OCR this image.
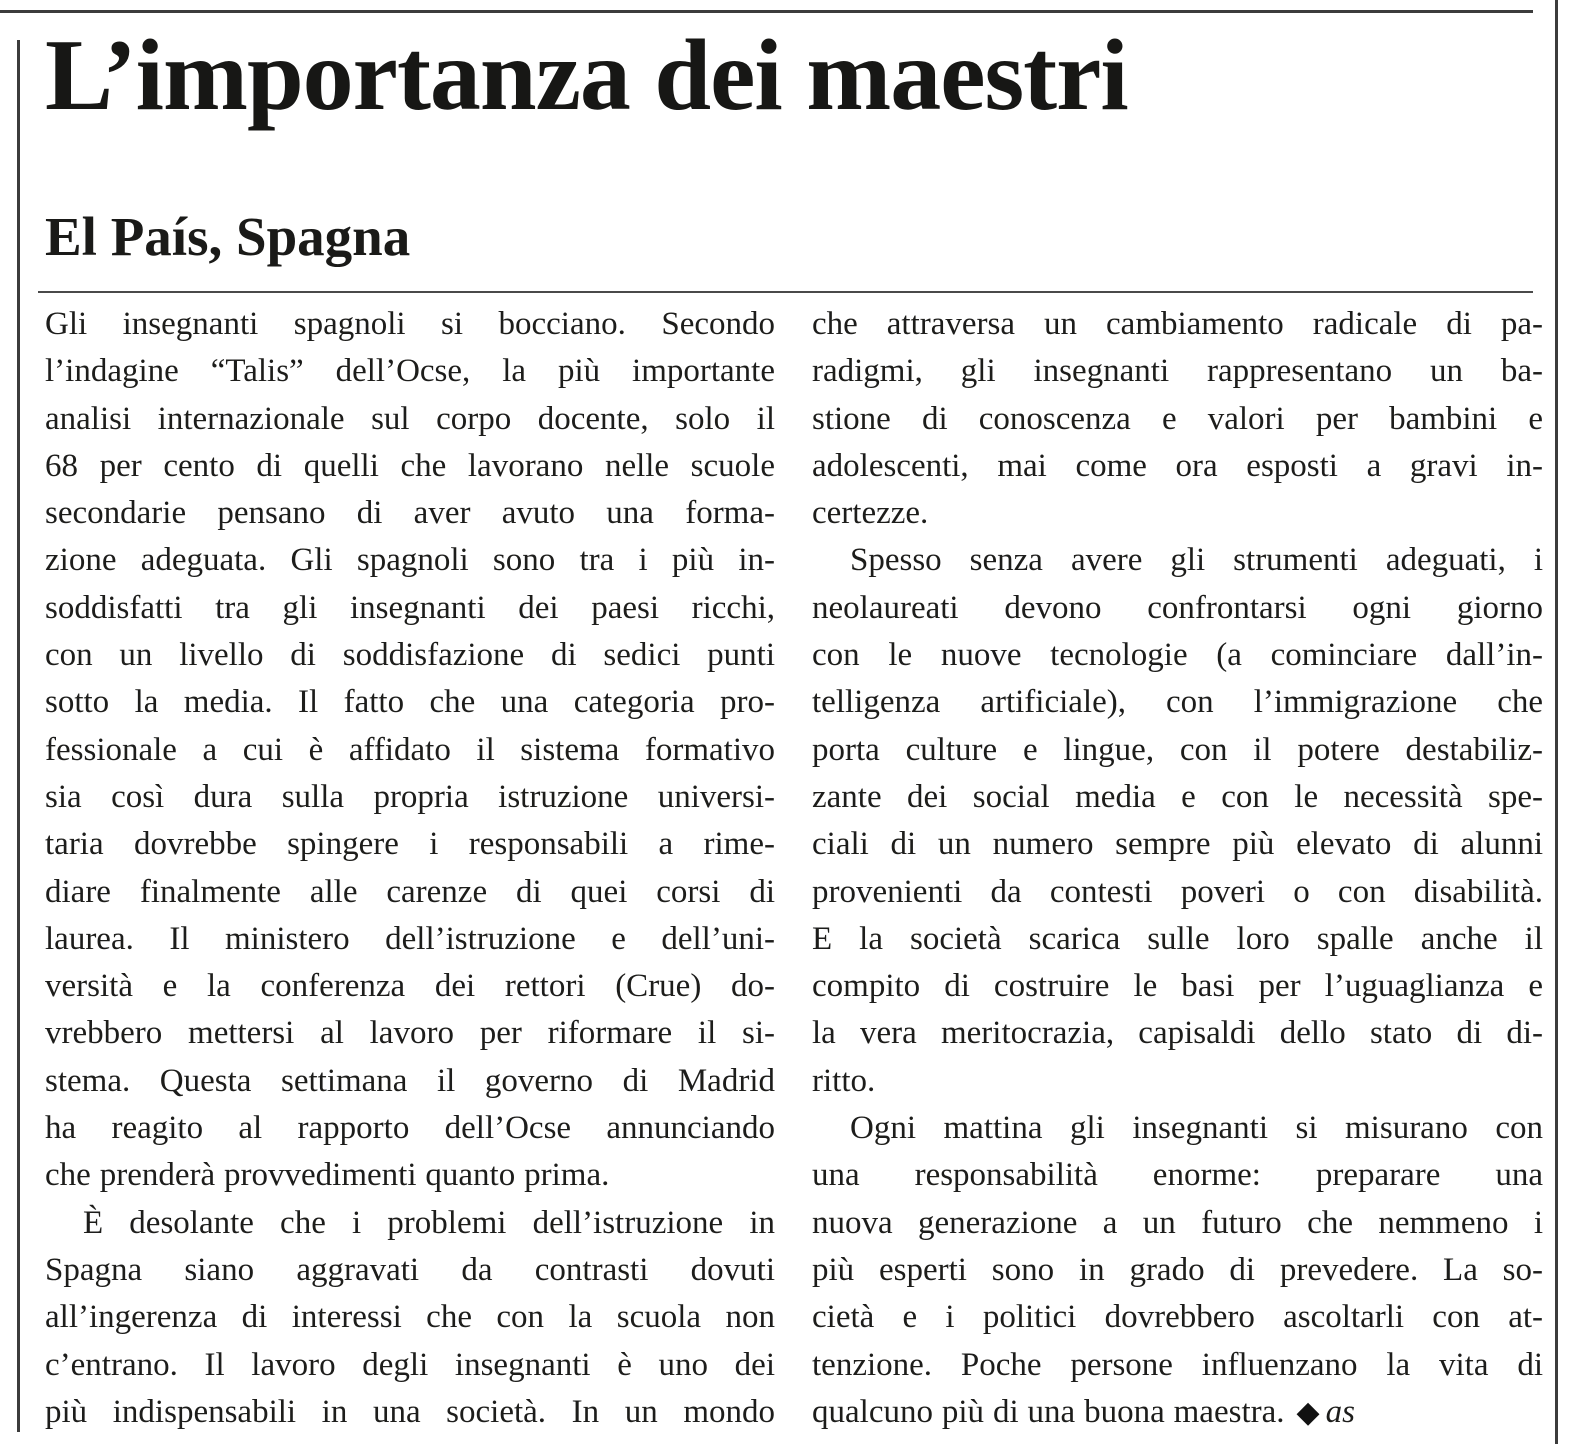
L’importanza dei maestri
El País, Spagna
Gli insegnanti spagnoli si bocciano. Secondo
l’indagine “Talis” dell’Ocse, la più importante
analisi internazionale sul corpo docente, solo il
68 per cento di quelli che lavorano nelle scuole
secondarie pensano di aver avuto una forma-
zione adeguata. Gli spagnoli sono tra i più in-
soddisfatti tra gli insegnanti dei paesi ricchi,
con un livello di soddisfazione di sedici punti
sotto la media. Il fatto che una categoria pro-
fessionale a cui è affidato il sistema formativo
sia così dura sulla propria istruzione universi-
taria dovrebbe spingere i responsabili a rime-
diare finalmente alle carenze di quei corsi di
laurea. Il ministero dell’istruzione e dell’uni-
versità e la conferenza dei rettori (Crue) do-
vrebbero mettersi al lavoro per riformare il si-
stema. Questa settimana il governo di Madrid
ha reagito al rapporto dell’Ocse annunciando
che prenderà provvedimenti quanto prima.
È desolante che i problemi dell’istruzione in
Spagna siano aggravati da contrasti dovuti
all’ingerenza di interessi che con la scuola non
c’entrano. Il lavoro degli insegnanti è uno dei
più indispensabili in una società. In un mondo
che attraversa un cambiamento radicale di pa-
radigmi, gli insegnanti rappresentano un ba-
stione di conoscenza e valori per bambini e
adolescenti, mai come ora esposti a gravi in-
certezze.
Spesso senza avere gli strumenti adeguati, i
neolaureati devono confrontarsi ogni giorno
con le nuove tecnologie (a cominciare dall’in-
telligenza artificiale), con l’immigrazione che
porta culture e lingue, con il potere destabiliz-
zante dei social media e con le necessità spe-
ciali di un numero sempre più elevato di alunni
provenienti da contesti poveri o con disabilità.
E la società scarica sulle loro spalle anche il
compito di costruire le basi per l’uguaglianza e
la vera meritocrazia, capisaldi dello stato di di-
ritto.
Ogni mattina gli insegnanti si misurano con
una responsabilità enorme: preparare una
nuova generazione a un futuro che nemmeno i
più esperti sono in grado di prevedere. La so-
cietà e i politici dovrebbero ascoltarli con at-
tenzione. Poche persone influenzano la vita di
qualcuno più di una buona maestra. ◆ as
